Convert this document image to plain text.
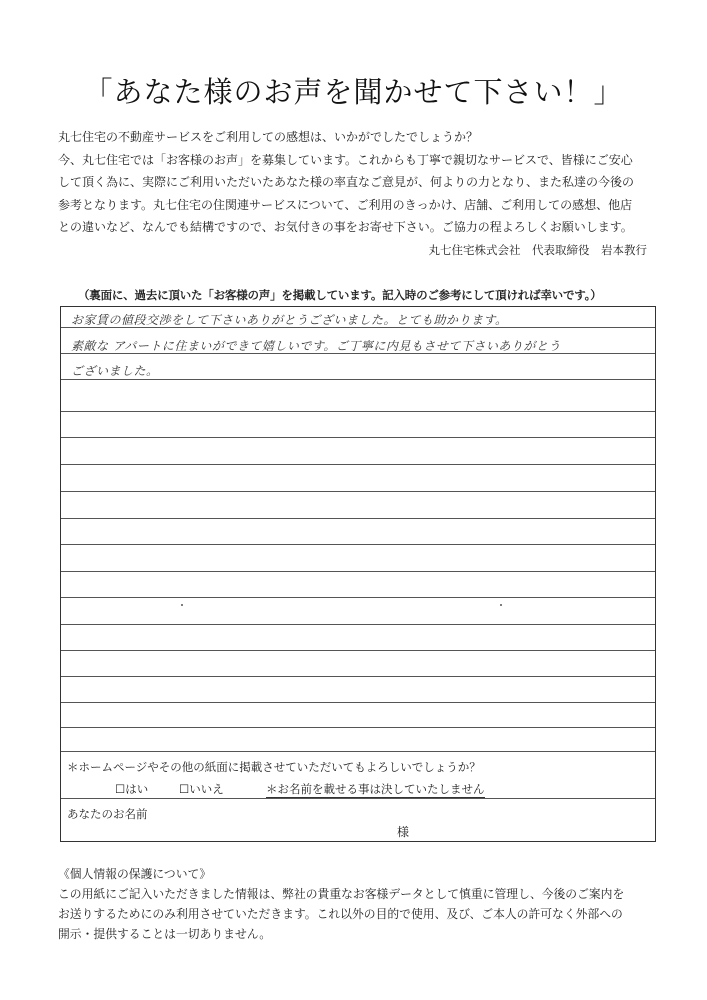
「あなた様のお声を聞かせて下さい！」

丸七住宅の不動産サービスをご利用しての感想は、いかがでしたでしょうか？

今、丸七住宅では「お客様のお声」を募集しています。これからも丁寧で親切なサービスで、皆様にご安心

して頂く為に、実際にご利用いただいたあなた様の率直なご意見が、何よりの力となり、また私達の今後の

参考となります。丸七住宅の住関連サービスについて、ご利用のきっかけ、店舗、ご利用しての感想、他店

との違いなど、なんでも結構ですので、お気付きの事をお寄せ下さい。ご協力の程よろしくお願いします。

丸七住宅株式会社　代表取締役　岩本教行
（裏面に、過去に頂いた「お客様の声」を掲載しています。記入時のご参考にして頂ければ幸いです。）
お家賃の値段交渉をして下さいありがとうございました。とても助かります。
素敵な アパートに住まいができて嬉しいです。ご丁寧に内見もさせて下さいありがとう
ございました。
＊ホームページやその他の紙面に掲載させていただいてもよろしいでしょうか？
☐はい	☐いいえ	＊お名前を載せる事は決していたしません
あなたのお名前
様

《個人情報の保護について》

この用紙にご記入いただきました情報は、弊社の貴重なお客様データとして慎重に管理し、今後のご案内を

お送りするためにのみ利用させていただきます。これ以外の目的で使用、及び、ご本人の許可なく外部への

開示・提供することは一切ありません。
